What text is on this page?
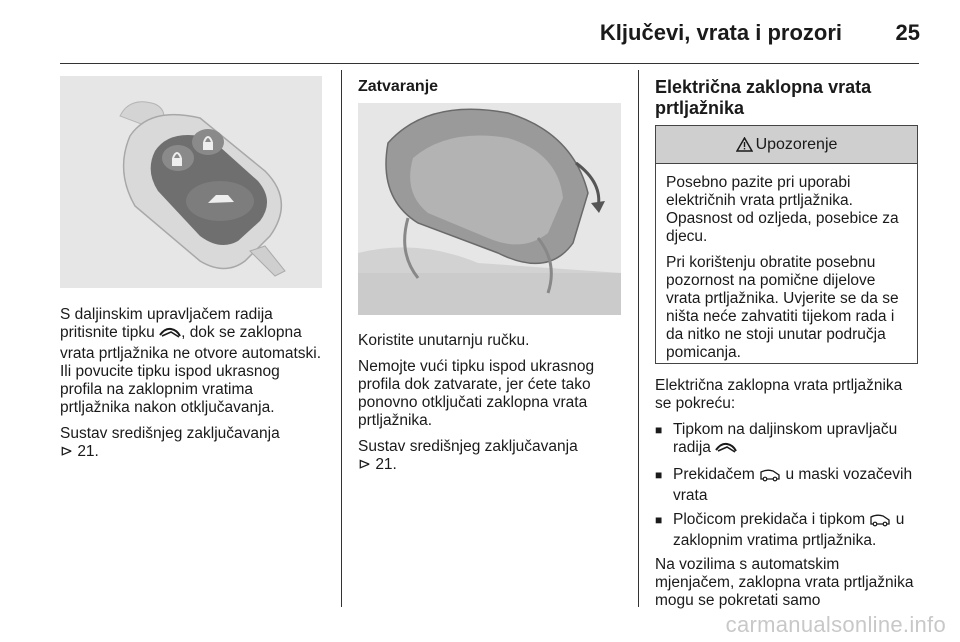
Ključevi, vrata i prozori 25

S daljinskim upravljačem radija pritisnite tipku , dok se zaklopna vrata prtljažnika ne otvore automatski. Ili povucite tipku ispod ukrasnog profila na zaklopnim vratima prtljažnika nakon otključavanja.

Sustav središnjeg zaključavanja
⊳ 21.

Zatvaranje

Koristite unutarnju ručku.

Nemojte vući tipku ispod ukrasnog profila dok zatvarate, jer ćete tako ponovno otključati zaklopna vrata prtljažnika.

Sustav središnjeg zaključavanja
⊳ 21.

Električna zaklopna vrata prtljažnika
Upozorenje

Posebno pazite pri uporabi električnih vrata prtljažnika. Opasnost od ozljeda, posebice za djecu.

Pri korištenju obratite posebnu pozornost na pomične dijelove vrata prtljažnika. Uvjerite se da se ništa neće zahvatiti tijekom rada i da nitko ne stoji unutar područja pomicanja.

Električna zaklopna vrata prtljažnika se pokreću:

■ Tipkom na daljinskom upravljaču radija
■ Prekidačem  u maski vozačevih vrata
■ Pločicom prekidača i tipkom  u zaklopnim vratima prtljažnika.

Na vozilima s automatskim mjenjačem, zaklopna vrata prtljažnika mogu se pokretati samo

carmanualsonline.info
